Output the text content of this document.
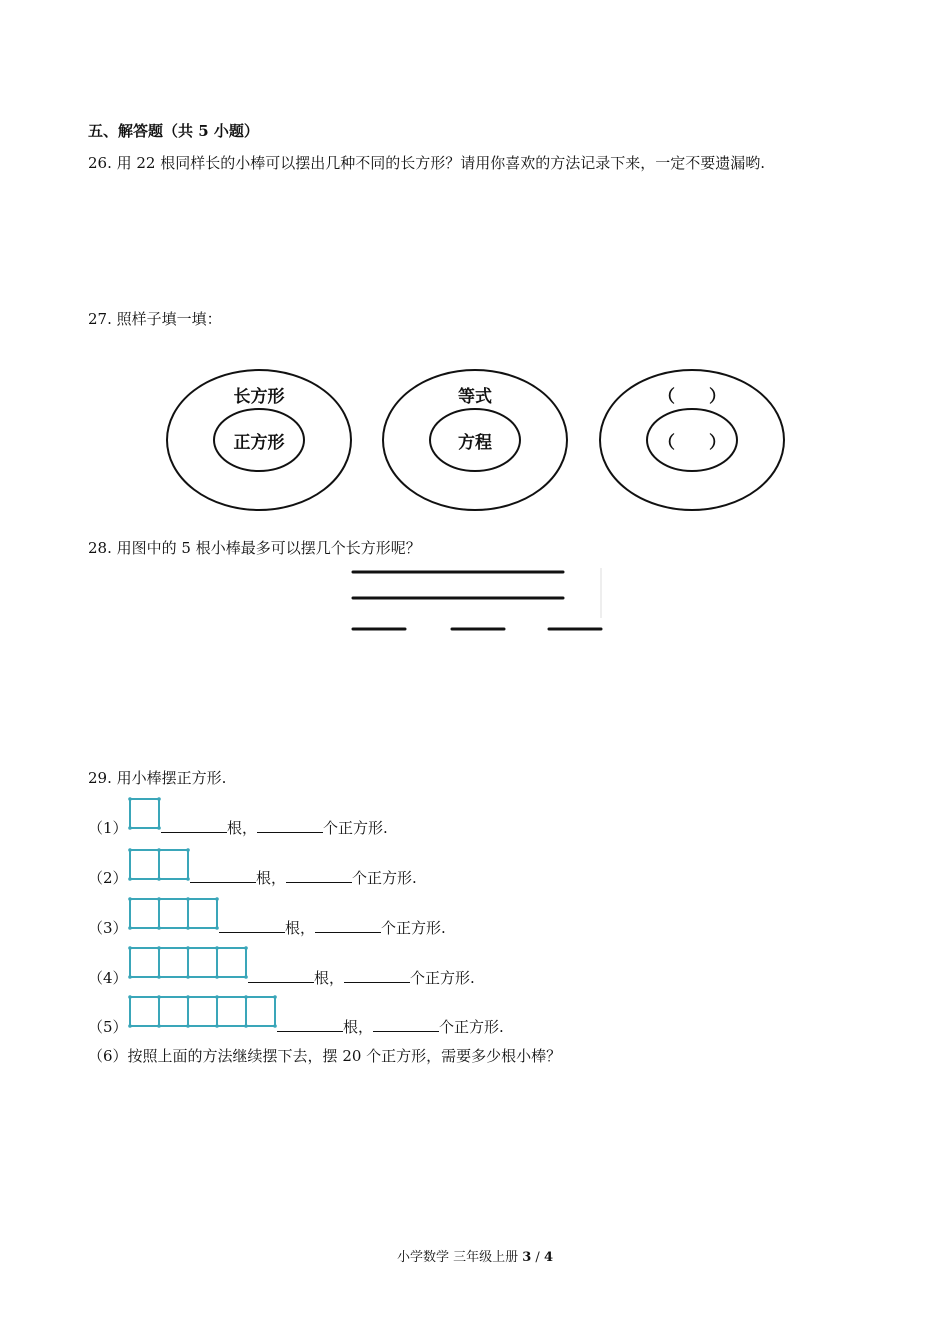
五、解答题（共 5 小题）
26. 用 22 根同样长的小棒可以摆出几种不同的长方形？请用你喜欢的方法记录下来，一定不要遗漏哟.
27. 照样子填一填：
长方形
正方形
等式
方程
（　　）
（　　）
28. 用图中的 5 根小棒最多可以摆几个长方形呢？
29. 用小棒摆正方形.
（1）	根，	个正方形.
（2）	根，	个正方形.
（3）	根，	个正方形.
（4）	根，	个正方形.
（5）	根，	个正方形.
（6）按照上面的方法继续摆下去，摆 20 个正方形，需要多少根小棒？
小学数学 三年级上册 3 / 4
